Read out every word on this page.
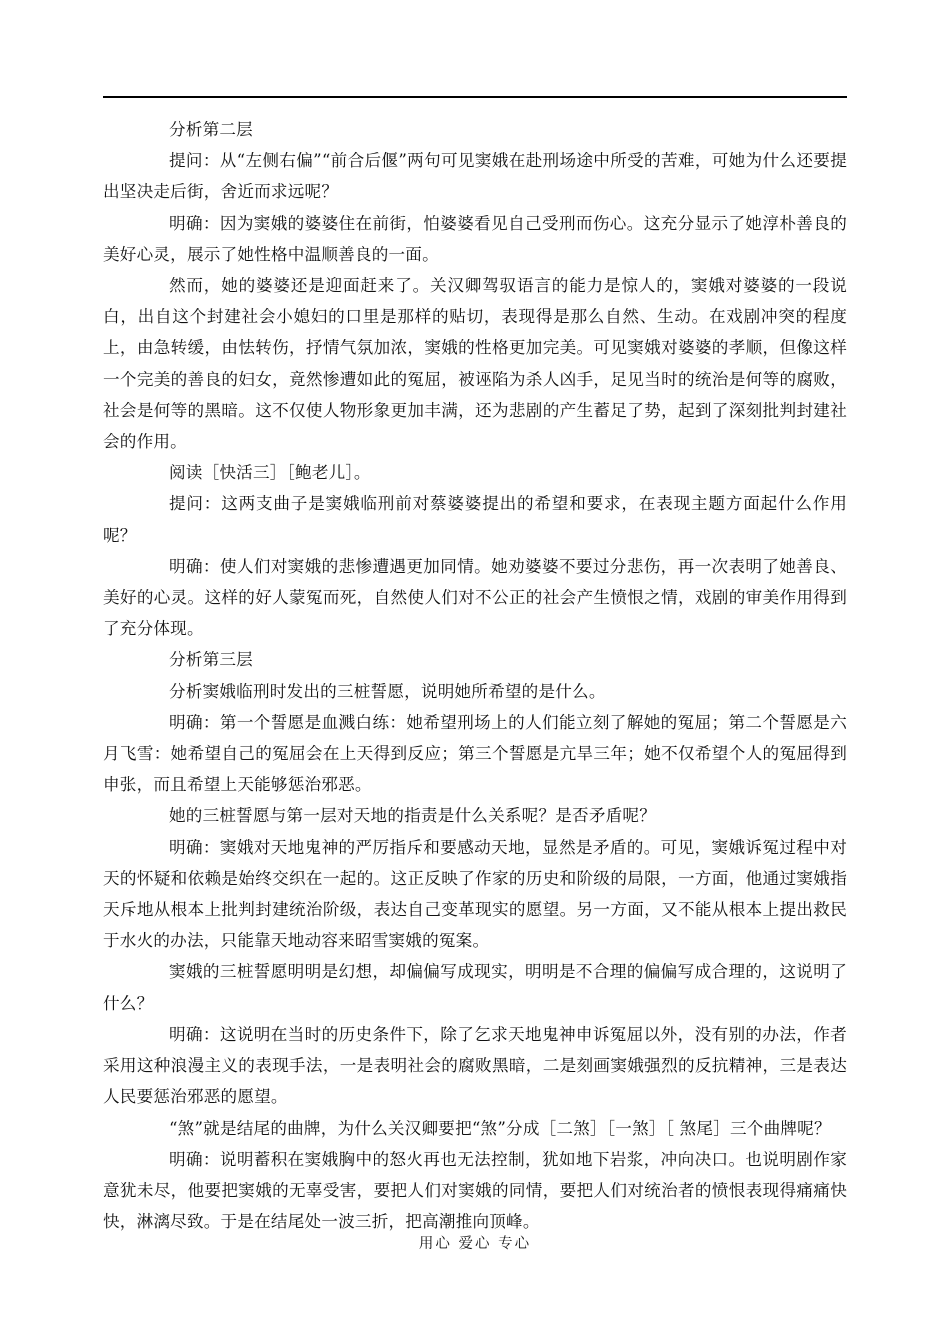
分析第二层

提问：从“左侧右偏”“前合后偃”两句可见窦娥在赴刑场途中所受的苦难，可她为什么还要提出坚决走后街，舍近而求远呢？

明确：因为窦娥的婆婆住在前街，怕婆婆看见自己受刑而伤心。这充分显示了她淳朴善良的美好心灵，展示了她性格中温顺善良的一面。

然而，她的婆婆还是迎面赶来了。关汉卿驾驭语言的能力是惊人的，窦娥对婆婆的一段说白，出自这个封建社会小媳妇的口里是那样的贴切，表现得是那么自然、生动。在戏剧冲突的程度上，由急转缓，由怯转伤，抒情气氛加浓，窦娥的性格更加完美。可见窦娥对婆婆的孝顺，但像这样一个完美的善良的妇女，竟然惨遭如此的冤屈，被诬陷为杀人凶手，足见当时的统治是何等的腐败，社会是何等的黑暗。这不仅使人物形象更加丰满，还为悲剧的产生蓄足了势，起到了深刻批判封建社会的作用。

阅读［快活三］［鲍老儿］。

提问：这两支曲子是窦娥临刑前对蔡婆婆提出的希望和要求，在表现主题方面起什么作用呢？

明确：使人们对窦娥的悲惨遭遇更加同情。她劝婆婆不要过分悲伤，再一次表明了她善良、美好的心灵。这样的好人蒙冤而死，自然使人们对不公正的社会产生愤恨之情，戏剧的审美作用得到了充分体现。

分析第三层

分析窦娥临刑时发出的三桩誓愿，说明她所希望的是什么。

明确：第一个誓愿是血溅白练：她希望刑场上的人们能立刻了解她的冤屈；第二个誓愿是六月飞雪：她希望自己的冤屈会在上天得到反应；第三个誓愿是亢旱三年；她不仅希望个人的冤屈得到申张，而且希望上天能够惩治邪恶。

她的三桩誓愿与第一层对天地的指责是什么关系呢？是否矛盾呢？

明确：窦娥对天地鬼神的严厉指斥和要感动天地，显然是矛盾的。可见，窦娥诉冤过程中对天的怀疑和依赖是始终交织在一起的。这正反映了作家的历史和阶级的局限，一方面，他通过窦娥指天斥地从根本上批判封建统治阶级，表达自己变革现实的愿望。另一方面，又不能从根本上提出救民于水火的办法，只能靠天地动容来昭雪窦娥的冤案。

窦娥的三桩誓愿明明是幻想，却偏偏写成现实，明明是不合理的偏偏写成合理的，这说明了什么？

明确：这说明在当时的历史条件下，除了乞求天地鬼神申诉冤屈以外，没有别的办法，作者采用这种浪漫主义的表现手法，一是表明社会的腐败黑暗，二是刻画窦娥强烈的反抗精神，三是表达人民要惩治邪恶的愿望。

“煞”就是结尾的曲牌，为什么关汉卿要把“煞”分成［二煞］［一煞］［ 煞尾］三个曲牌呢？

明确：说明蓄积在窦娥胸中的怒火再也无法控制，犹如地下岩浆，冲向决口。也说明剧作家意犹未尽，他要把窦娥的无辜受害，要把人们对窦娥的同情，要把人们对统治者的愤恨表现得痛痛快快，淋漓尽致。于是在结尾处一波三折，把高潮推向顶峰。

用心 爱心 专心
